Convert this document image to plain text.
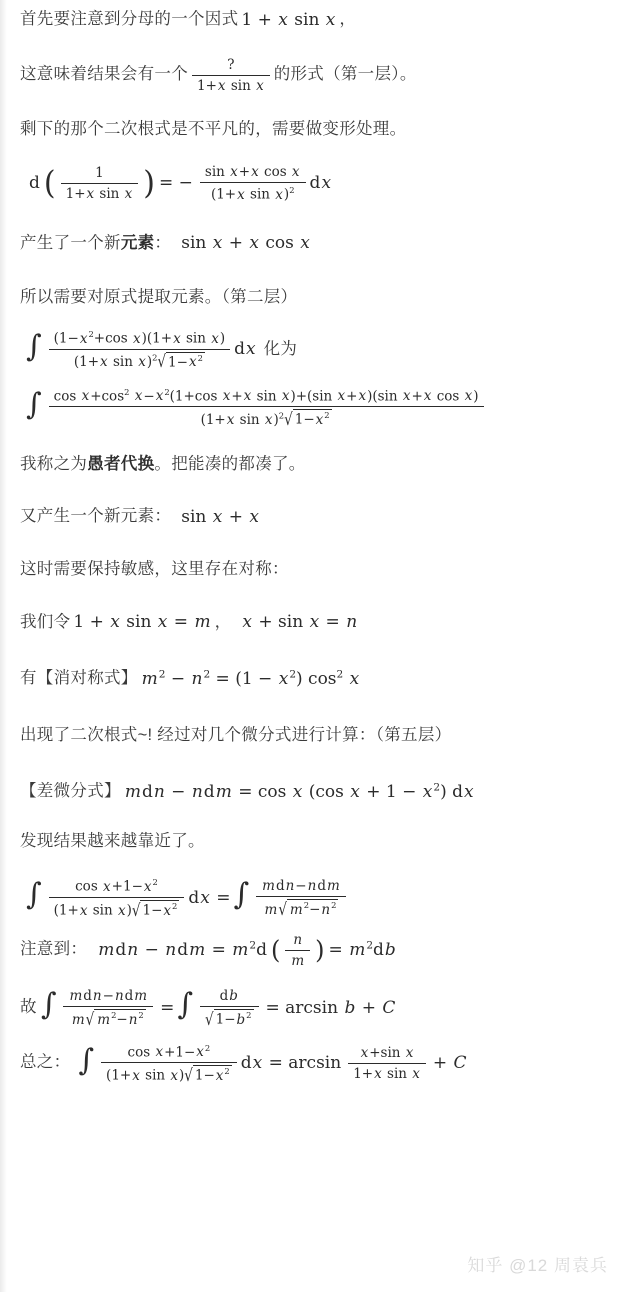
首先要注意到分母的一个因式 1 + x sin x ，

这意味着结果会有一个 $\frac{?}{\text{1+x sin x}}$ 的形式（第一层）。

剩下的那个二次根式是不平凡的，需要做变形处理。

d ( $\frac{1}{\text{1+x sin x}}$ ) = − $\frac{\text{sin x+x cos x}}{(1+x \sin x)^2}$ dx

产生了一个新 元素 ： sin x + x cos x

所以需要对原式提取元素。（第二层）

∫ $\frac{(1-x^2+\cos x)(1+x \sin x)}{(1+x \sin x)^2√ 1-x^2}$ dx 化为

∫ $\frac{\cos x+\cos^2 x-x^2(1+\cos x+x \sin x)+(\sin x+x)(\sin x+x \cos x)}{(1+x \sin x)^2√ 1-x^2}$

我称之为 愚者代换 。把能凑的都凑了。

又产生一个新元素 ： sin x + x

这时需要保持敏感，这里存在对称：

我们令 1 + x sin x = m ， x + sin x = n

有【消对称式】 $m^2 - n^2 = (1 - x^2)$ $\cos^2 x$

出现了二次根式~! 经过对几个微分式进行计算：（第五层）

【差微分式】 mdn − ndm = cos x (cos $x + 1 - x^2$) dx

发现结果越来越靠近了。

∫ $\frac{\cos x+1-x^2}{(1+x \sin x)√ 1-x^2}$ dx = ∫ $\frac{\text{mdn−ndm}}{m√ m^2-n^2}$

注意到： mdn − ndm = $m^2d$ ( $\frac{n}{m}$ ) = $m^2db$

故 ∫ $\frac{\text{mdn−ndm}}{m√ m^2-n^2}$ = ∫ $\frac{db}{√ 1-b^2} = \arcsin b + C$

总之： ∫ $\frac{\cos x+1-x^2}{(1+x \sin x)√ 1-x^2}$ dx = $\arcsin \frac{\text{x+sin x}}{\text{1+x sin x}} + C$

知乎 @12 周袁兵
